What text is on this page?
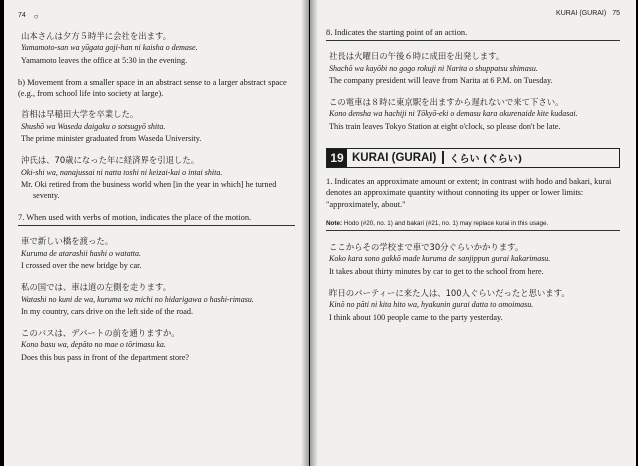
74 ○

山本さんは夕方５時半に会社を出ます。

Yamamoto-san wa yūgata goji-han ni kaisha o demase.

Yamamoto leaves the office at 5:30 in the evening.

b) Movement from a smaller space in an abstract sense to a larger abstract space (e.g., from school life into society at large).

首相は早稲田大学を卒業した。

Shushō wa Waseda daigaku o sotsugyō shita.

The prime minister graduated from Waseda University.

沖氏は、70歳になった年に経済界を引退した。

Oki-shi wa, nanajussai ni natta toshi ni keizai-kai o intai shita.

Mr. Oki retired from the business world when [in the year in which] he turned seventy.

7. When used with verbs of motion, indicates the place of the motion.

車で新しい橋を渡った。

Kuruma de atarashii hashi o watatta.

I crossed over the new bridge by car.

私の国では、車は道の左側を走ります。

Watashi no kuni de wa, kuruma wa michi no hidarigawa o hashi-rimasu.

In my country, cars drive on the left side of the road.

このバスは、デパートの前を通りますか。

Kono basu wa, depāto no mae o tōrimasu ka.

Does this bus pass in front of the department store?

KURAI (GURAI) 75

8. Indicates the starting point of an action.

社長は火曜日の午後６時に成田を出発します。

Shachō wa kayōbi no gogo rokuji ni Narita o shuppatsu shimasu.

The company president will leave from Narita at 6 P.M. on Tuesday.

この電車は８時に東京駅を出ますから遅れないで来て下さい。

Kono densha wa hachiji ni Tōkyō-eki o demasu kara okurenaide kite kudasai.

This train leaves Tokyo Station at eight o'clock, so please don't be late.

19 KURAI (GURAI) くらい (ぐらい)

1. Indicates an approximate amount or extent; in contrast with hodo and bakari, kurai denotes an approximate quantity without connoting its upper or lower limits: "approximately, about."

Note: Hodo (#20, no. 1) and bakari (#21, no. 1) may replace kurai in this usage.

ここからその学校まで車で30分ぐらいかかります。

Koko kara sono gakkō made kuruma de sanjippun gurai kakarimasu.

It takes about thirty minutes by car to get to the school from here.

昨日のパーティーに来た人は、100人ぐらいだったと思います。

Kinō no pāti ni kita hito wa, hyakunin gurai datta to omoimasu.

I think about 100 people came to the party yesterday.
